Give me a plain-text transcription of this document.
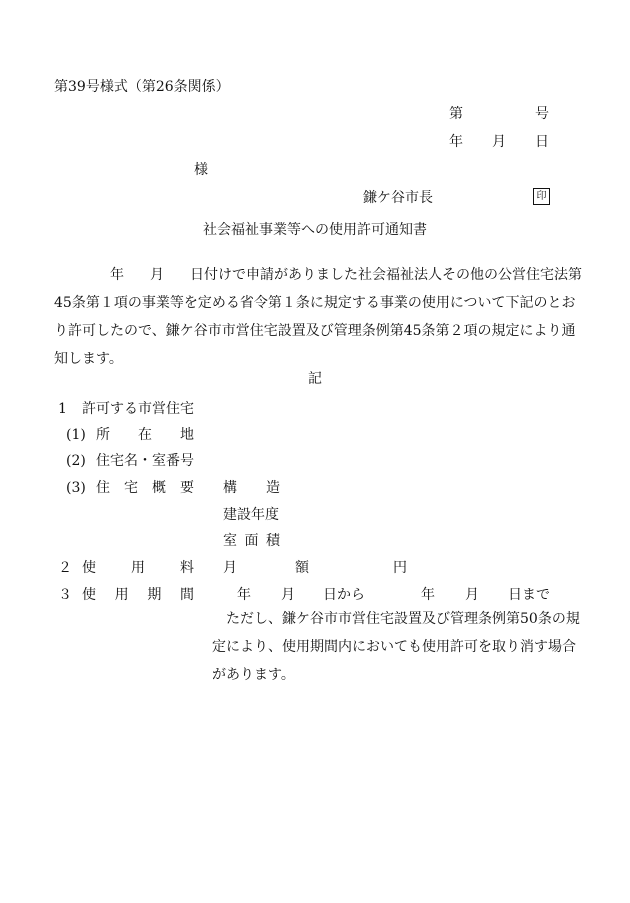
第39号様式（第26条関係）
第	号
年 月 日
様
鎌ケ谷市長	印
社会福祉事業等への使用許可通知書
年 月 日付けで申請がありました社会福祉法人その他の公営住宅法第45条第１項の事業等を定める省令第１条に規定する事業の使用について下記のとおり許可したので、鎌ケ谷市市営住宅設置及び管理条例第45条第２項の規定により通知します。
記
1 許可する市営住宅
(1) 所 在 地
(2) 住宅名・室番号
(3) 住 宅 概 要 構 造
建設年度
室 面 積
２ 使	用	料 月	額	円
３ 使 用 期 間	年 月 日から	年 月 日まで
ただし、鎌ケ谷市市営住宅設置及び管理条例第50条の規定により、使用期間内においても使用許可を取り消す場合があります。
